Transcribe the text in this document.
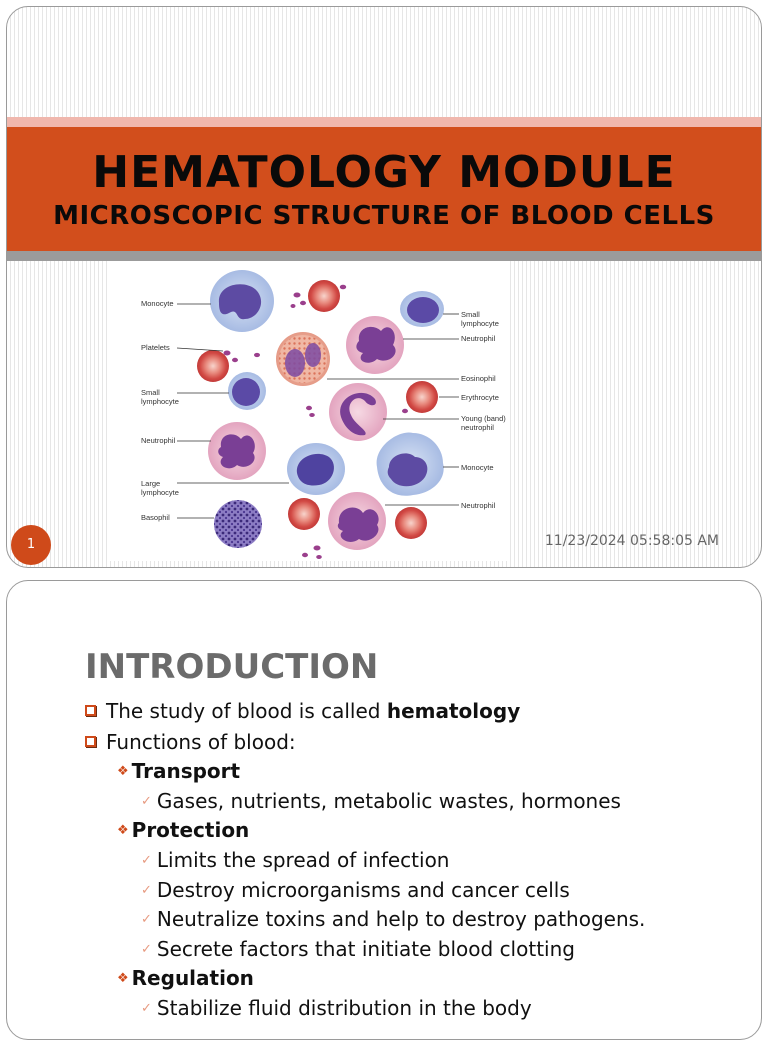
HEMATOLOGY MODULE
MICROSCOPIC STRUCTURE OF BLOOD CELLS
Monocyte
Platelets
Small
lymphocyte
Neutrophil
Large
lymphocyte
Basophil
Small
lymphocyte
Neutrophil
Eosinophil
Erythrocyte
Young (band)
neutrophil
Monocyte
Neutrophil
1	11/23/2024 05:58:05 AM
INTRODUCTION
The study of blood is called hematology
Functions of blood:
❖ Transport
✓ Gases, nutrients, metabolic wastes, hormones
❖ Protection
✓ Limits the spread of infection
✓ Destroy microorganisms and cancer cells
✓ Neutralize toxins and help to destroy pathogens.
✓ Secrete factors that initiate blood clotting
❖ Regulation
✓ Stabilize fluid distribution in the body
